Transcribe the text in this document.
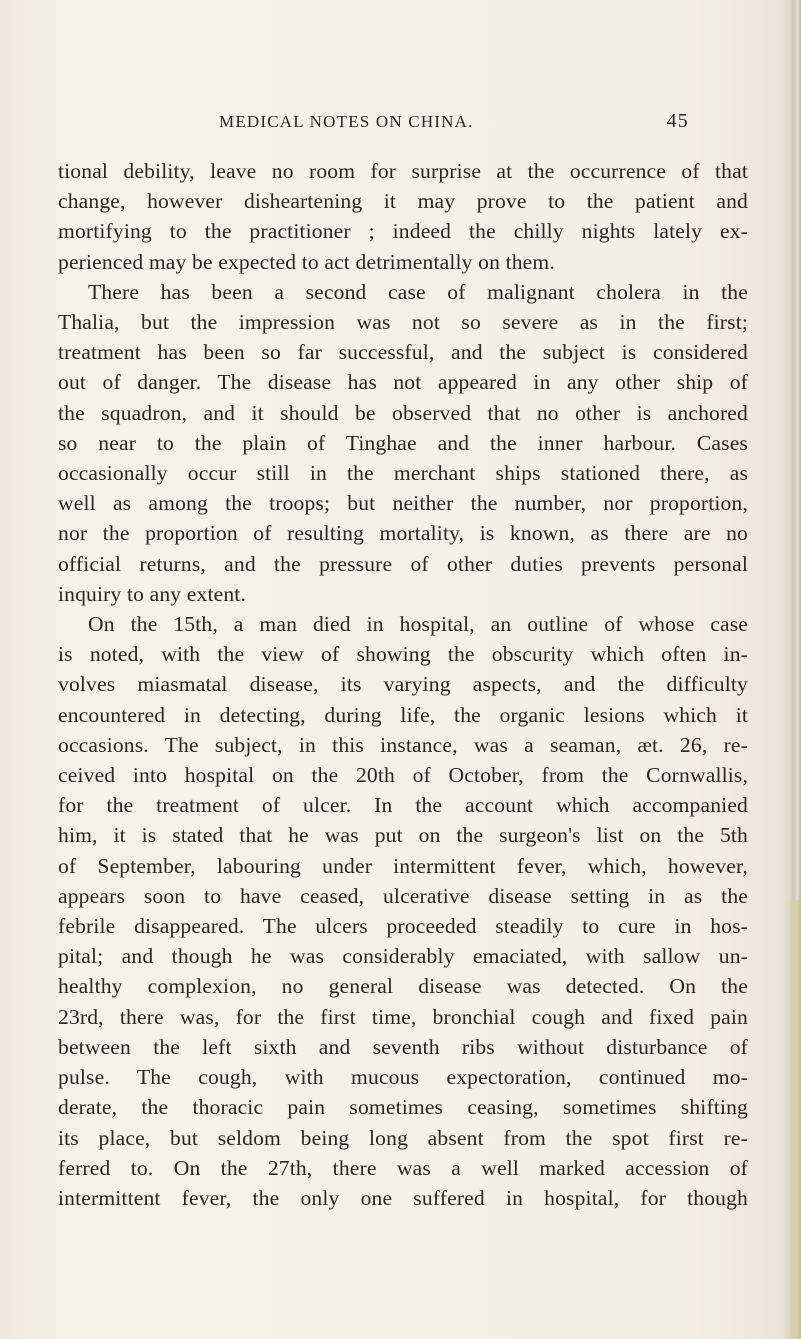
MEDICAL NOTES ON CHINA.	45
tional debility, leave no room for surprise at the occurrence of that
change, however disheartening it may prove to the patient and
mortifying to the practitioner ; indeed the chilly nights lately ex-
perienced may be expected to act detrimentally on them.
There has been a second case of malignant cholera in the
Thalia, but the impression was not so severe as in the first;
treatment has been so far successful, and the subject is considered
out of danger. The disease has not appeared in any other ship of
the squadron, and it should be observed that no other is anchored
so near to the plain of Tinghae and the inner harbour. Cases
occasionally occur still in the merchant ships stationed there, as
well as among the troops; but neither the number, nor proportion,
nor the proportion of resulting mortality, is known, as there are no
official returns, and the pressure of other duties prevents personal
inquiry to any extent.
On the 15th, a man died in hospital, an outline of whose case
is noted, with the view of showing the obscurity which often in-
volves miasmatal disease, its varying aspects, and the difficulty
encountered in detecting, during life, the organic lesions which it
occasions. The subject, in this instance, was a seaman, æt. 26, re-
ceived into hospital on the 20th of October, from the Cornwallis,
for the treatment of ulcer. In the account which accompanied
him, it is stated that he was put on the surgeon's list on the 5th
of September, labouring under intermittent fever, which, however,
appears soon to have ceased, ulcerative disease setting in as the
febrile disappeared. The ulcers proceeded steadily to cure in hos-
pital; and though he was considerably emaciated, with sallow un-
healthy complexion, no general disease was detected. On the
23rd, there was, for the first time, bronchial cough and fixed pain
between the left sixth and seventh ribs without disturbance of
pulse. The cough, with mucous expectoration, continued mo-
derate, the thoracic pain sometimes ceasing, sometimes shifting
its place, but seldom being long absent from the spot first re-
ferred to. On the 27th, there was a well marked accession of
intermittent fever, the only one suffered in hospital, for though
